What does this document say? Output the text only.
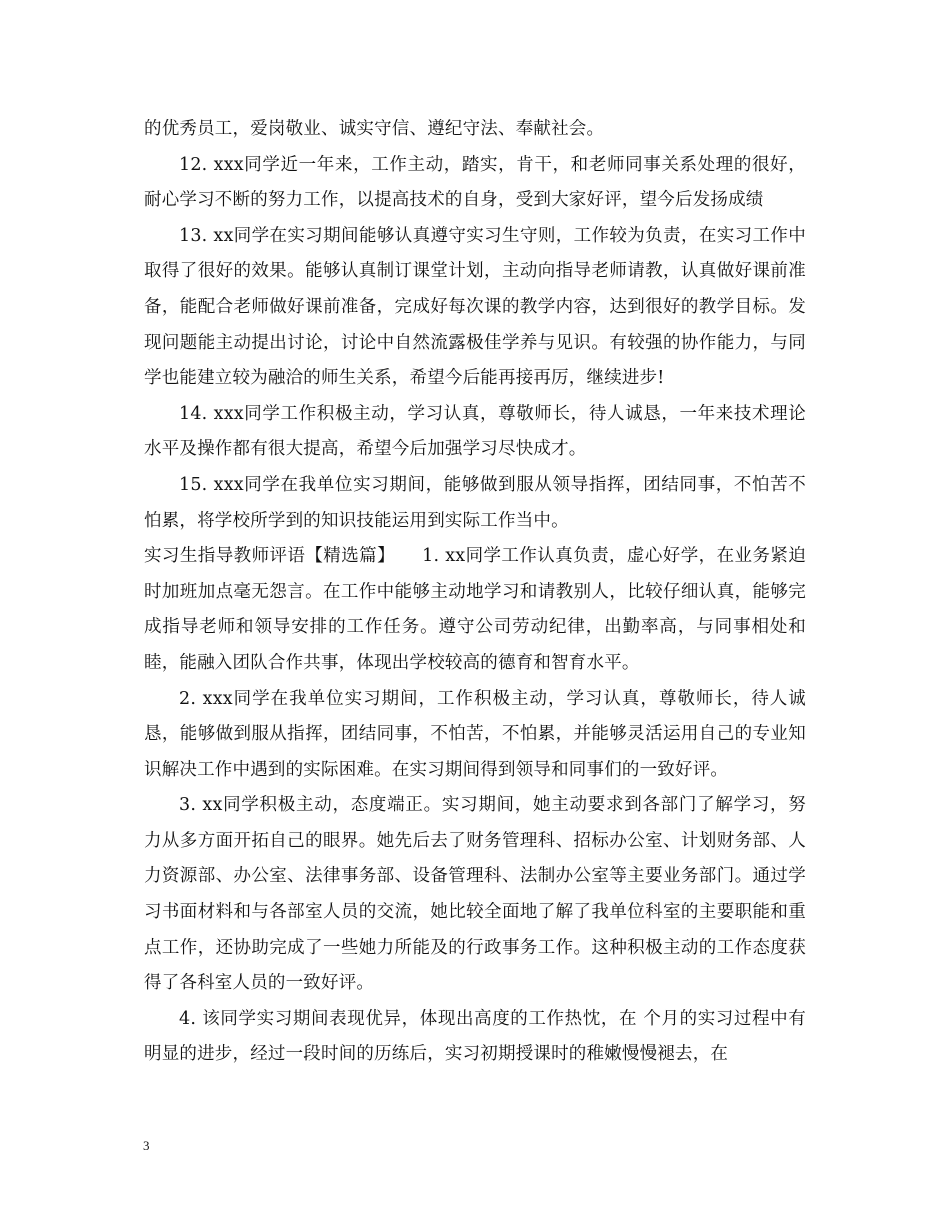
的优秀员工，爱岗敬业、诚实守信、遵纪守法、奉献社会。

12. xxx同学近一年来，工作主动，踏实，肯干，和老师同事关系处理的很好，耐心学习不断的努力工作，以提高技术的自身，受到大家好评，望今后发扬成绩

13. xx同学在实习期间能够认真遵守实习生守则，工作较为负责，在实习工作中取得了很好的效果。能够认真制订课堂计划，主动向指导老师请教，认真做好课前准备，能配合老师做好课前准备，完成好每次课的教学内容，达到很好的教学目标。发现问题能主动提出讨论，讨论中自然流露极佳学养与见识。有较强的协作能力，与同学也能建立较为融洽的师生关系，希望今后能再接再厉，继续进步!

14. xxx同学工作积极主动，学习认真，尊敬师长，待人诚恳，一年来技术理论水平及操作都有很大提高，希望今后加强学习尽快成才。

15. xxx同学在我单位实习期间，能够做到服从领导指挥，团结同事，不怕苦不怕累，将学校所学到的知识技能运用到实际工作当中。

实习生指导教师评语【精选篇】　　1. xx同学工作认真负责，虚心好学，在业务紧迫时加班加点毫无怨言。在工作中能够主动地学习和请教别人，比较仔细认真，能够完成指导老师和领导安排的工作任务。遵守公司劳动纪律，出勤率高，与同事相处和睦，能融入团队合作共事，体现出学校较高的德育和智育水平。

2. xxx同学在我单位实习期间，工作积极主动，学习认真，尊敬师长，待人诚恳，能够做到服从指挥，团结同事，不怕苦，不怕累，并能够灵活运用自己的专业知识解决工作中遇到的实际困难。在实习期间得到领导和同事们的一致好评。

3. xx同学积极主动，态度端正。实习期间，她主动要求到各部门了解学习，努力从多方面开拓自己的眼界。她先后去了财务管理科、招标办公室、计划财务部、人力资源部、办公室、法律事务部、设备管理科、法制办公室等主要业务部门。通过学习书面材料和与各部室人员的交流，她比较全面地了解了我单位科室的主要职能和重点工作，还协助完成了一些她力所能及的行政事务工作。这种积极主动的工作态度获得了各科室人员的一致好评。

4. 该同学实习期间表现优异，体现出高度的工作热忱，在 个月的实习过程中有明显的进步，经过一段时间的历练后，实习初期授课时的稚嫩慢慢褪去，在

3
